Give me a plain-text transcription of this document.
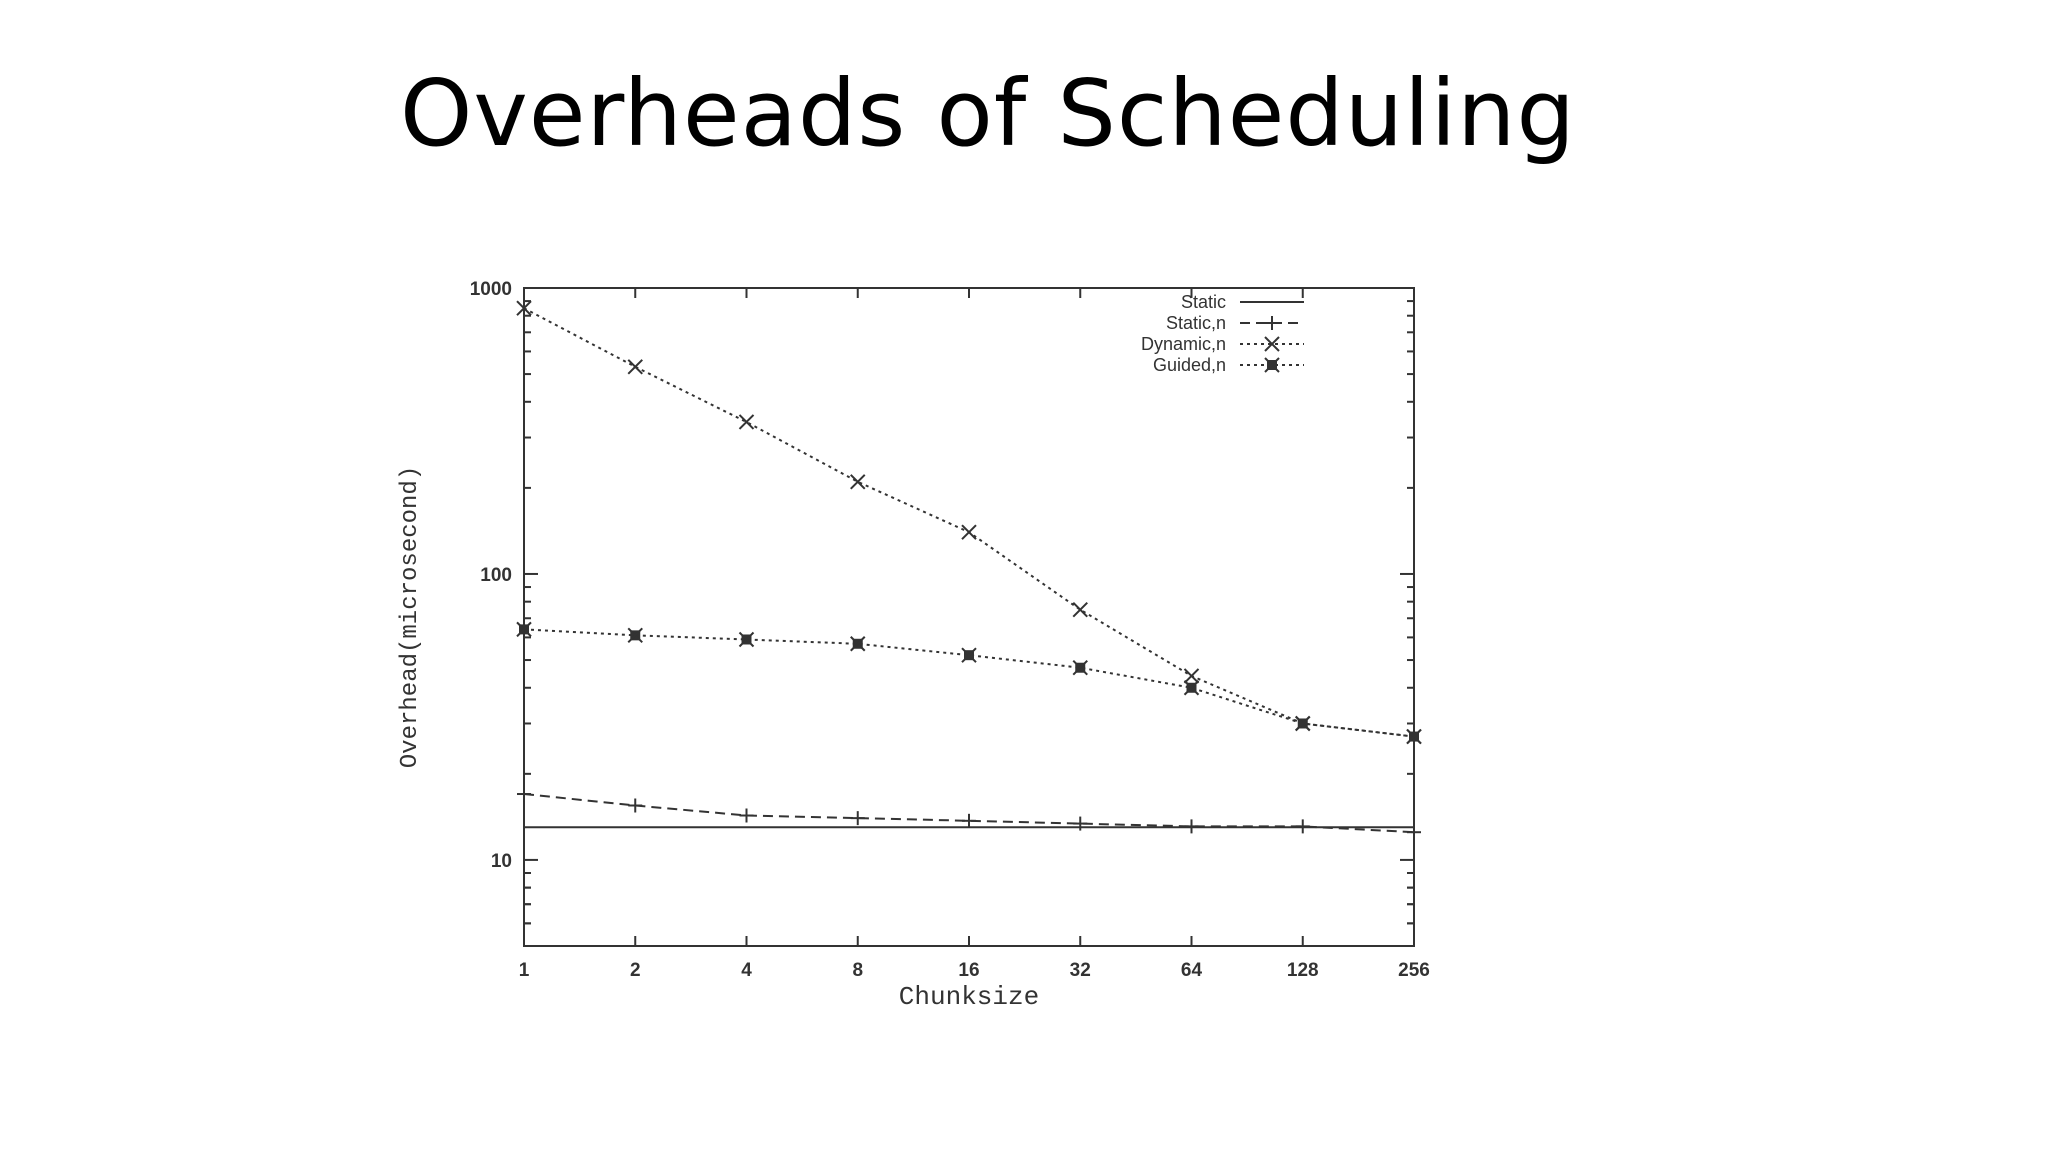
Overheads of Scheduling
1	2	4	8	16	32	64	128	256
10
100
1000
Static
Static,n
Dynamic,n
Guided,n
Chunksize
Overhead(microsecond)
